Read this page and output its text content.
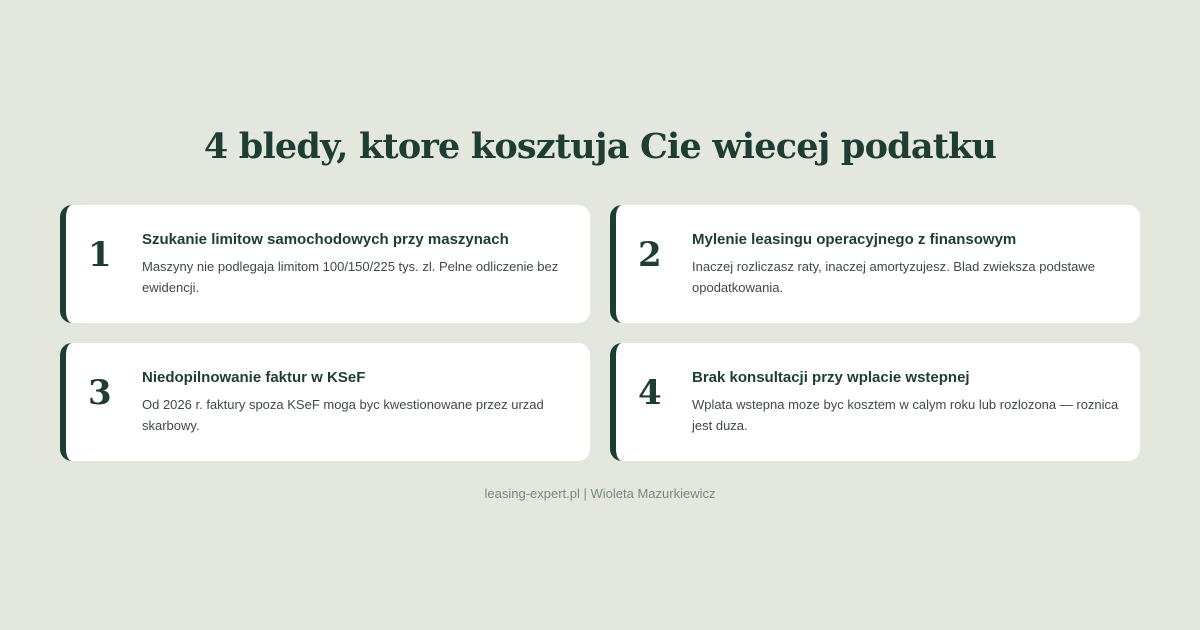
4 bledy, ktore kosztuja Cie wiecej podatku
1	Szukanie limitow samochodowych przy maszynach
Maszyny nie podlegaja limitom 100/150/225 tys. zl. Pelne odliczenie bez ewidencji.
2	Mylenie leasingu operacyjnego z finansowym
Inaczej rozliczasz raty, inaczej amortyzujesz. Blad zwieksza podstawe opodatkowania.
3	Niedopilnowanie faktur w KSeF
Od 2026 r. faktury spoza KSeF moga byc kwestionowane przez urzad skarbowy.
4	Brak konsultacji przy wplacie wstepnej
Wplata wstepna moze byc kosztem w calym roku lub rozlozona — roznica jest duza.
leasing-expert.pl | Wioleta Mazurkiewicz
